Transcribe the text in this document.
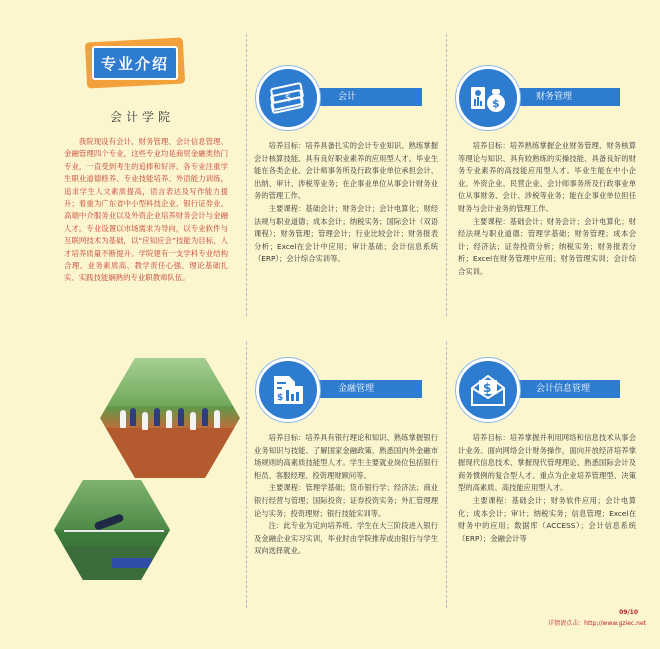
专业介绍
会计学院
我院现设有会计、财务管理、会计信息管理、金融管理四个专业，这些专业均是商贸金融类热门专业，一直受到考生的追捧和好评。各专业注重学生职业道德修养、专业技能培养、外语能力训练，追求学生人文素质提高，语言表达及写作能力提升；着重为广东省中小型科技企业、银行证券业、高端中介服务业以及外资企业培养财务会计与金融人才。专业设置以市场需求为导向，以专业软件与互联网技术为基础，以“应知应会”技能为目标，人才培养质量不断提升。学院建有一支学科专业结构合理、业务素质高、教学责任心强、理论基础扎实、实践技能娴熟的专业职教师队伍。
会计
$

培养目标：培养具备扎实的会计专业知识、熟练掌握会计核算技能、具有良好职业素养的应用型人才。毕业生能在各类企业、会计师事务所及行政事业单位承担会计、出纳、审计、涉税等业务；在企事业单位从事会计财务业务的管理工作。

主要课程：基础会计；财务会计；会计电算化；财经法规与职业道德；成本会计；纳税实务；国际会计（双语课程）；财务管理；管理会计；行业比较会计；财务报表分析；Excel在会计中应用；审计基础；会计信息系统（ERP）；会计综合实训等。

财务管理
$

培养目标：培养熟练掌握企业财务管理、财务核算等理论与知识、具有较熟练的实操技能、具备良好的财务专业素养的高技能应用型人才。毕业生能在中小企业、外资企业、民营企业、会计师事务所及行政事业单位从事财务、会计、涉税等业务；能在企事业单位担任财务与会计业务的管理工作。

主要课程：基础会计；财务会计；会计电算化；财经法规与职业道德；管理学基础；财务管理；成本会计；经济法；证券投资分析；纳税实务；财务报表分析；Excel在财务管理中应用；财务管理实训；会计综合实训。

金融管理
$

培养目标：培养具有银行理论和知识、熟练掌握银行业务知识与技能、了解国家金融政策、熟悉国内外金融市场规则的高素质技能型人才。学生主要就业岗位包括银行柜员、客服经理、投资理财顾问等。

主要课程：管理学基础；货币银行学；经济法；商业银行经营与管理；国际投资；证券投资实务；外汇管理理论与实务；投资理财；银行技能实训等。

注：此专业为定向培养班。学生在大三阶段进入银行及金融企业实习实训，毕业时由学院推荐或由银行与学生双向选择就业。

会计信息管理
$

培养目标：培养掌握并利用网络和信息技术从事会计业务、面向网络会计财务操作，面向开放经济培养掌握现代信息技术、掌握现代管理理论、熟悉国际会计及商务惯例的复合型人才。重点为企业培养管理型、决策型的高素质、高技能应用型人才。

主要课程：基础会计；财务软件应用；会计电算化；成本会计；审计；纳税实务；信息管理；Excel在财务中的应用；数据库（ACCESS）；会计信息系统（ERP）；金融会计等

09/10
详情请点击：http://www.gziec.net
